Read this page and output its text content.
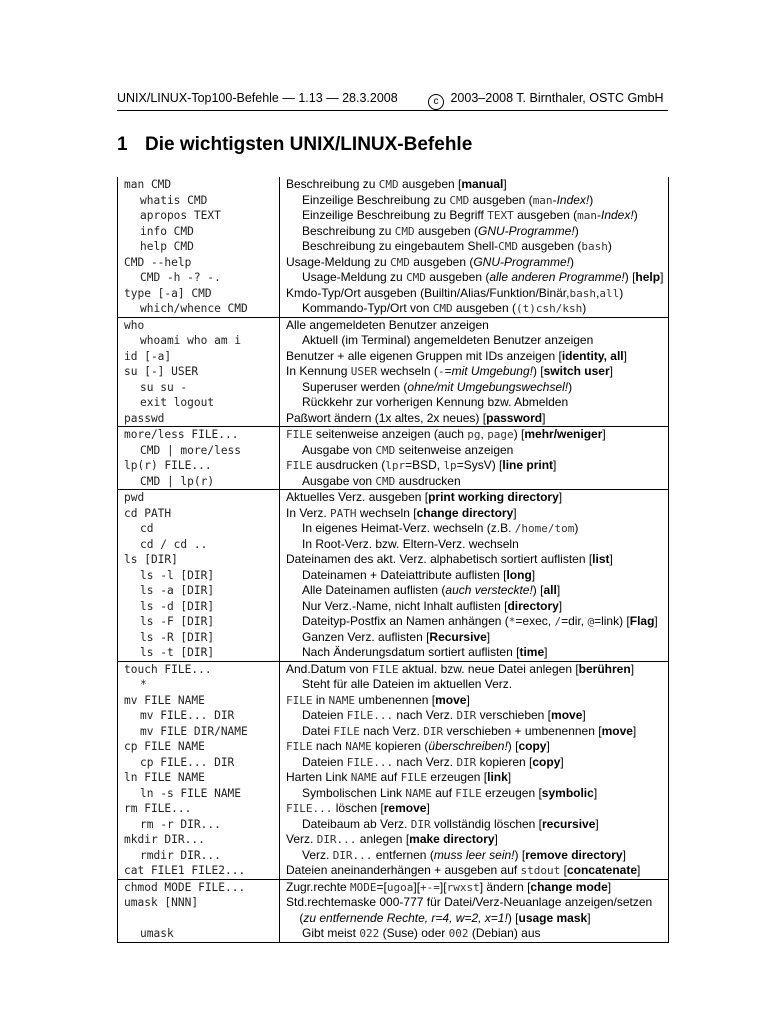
UNIX/LINUX-Top100-Befehle — 1.13 — 28.3.2008	c 2003–2008 T. Birnthaler, OSTC GmbH
1 Die wichtigsten UNIX/LINUX-Befehle
man CMD	Beschreibung zu CMD ausgeben [manual]
whatis CMD	Einzeilige Beschreibung zu CMD ausgeben (man-Index!)
apropos TEXT	Einzeilige Beschreibung zu Begriff TEXT ausgeben (man-Index!)
info CMD	Beschreibung zu CMD ausgeben (GNU-Programme!)
help CMD	Beschreibung zu eingebautem Shell-CMD ausgeben (bash)
CMD --help	Usage-Meldung zu CMD ausgeben (GNU-Programme!)
CMD -h -? -.	Usage-Meldung zu CMD ausgeben (alle anderen Programme!) [help]
type [-a] CMD	Kmdo-Typ/Ort ausgeben (Builtin/Alias/Funktion/Binär,bash,all)
which/whence CMD	Kommando-Typ/Ort von CMD ausgeben ((t)csh/ksh)
who	Alle angemeldeten Benutzer anzeigen
whoami who am i	Aktuell (im Terminal) angemeldeten Benutzer anzeigen
id [-a]	Benutzer + alle eigenen Gruppen mit IDs anzeigen [identity, all]
su [-] USER	In Kennung USER wechseln (-=mit Umgebung!) [switch user]
su su -	Superuser werden (ohne/mit Umgebungswechsel!)
exit logout	Rückkehr zur vorherigen Kennung bzw. Abmelden
passwd	Paßwort ändern (1x altes, 2x neues) [password]
more/less FILE...	FILE seitenweise anzeigen (auch pg, page) [mehr/weniger]
CMD | more/less	Ausgabe von CMD seitenweise anzeigen
lp(r) FILE...	FILE ausdrucken (lpr=BSD, lp=SysV) [line print]
CMD | lp(r)	Ausgabe von CMD ausdrucken
pwd	Aktuelles Verz. ausgeben [print working directory]
cd PATH	In Verz. PATH wechseln [change directory]
cd	In eigenes Heimat-Verz. wechseln (z.B. /home/tom)
cd / cd ..	In Root-Verz. bzw. Eltern-Verz. wechseln
ls [DIR]	Dateinamen des akt. Verz. alphabetisch sortiert auflisten [list]
ls -l [DIR]	Dateinamen + Dateiattribute auflisten [long]
ls -a [DIR]	Alle Dateinamen auflisten (auch versteckte!) [all]
ls -d [DIR]	Nur Verz.-Name, nicht Inhalt auflisten [directory]
ls -F [DIR]	Dateityp-Postfix an Namen anhängen (*=exec, /=dir, @=link) [Flag]
ls -R [DIR]	Ganzen Verz. auflisten [Recursive]
ls -t [DIR]	Nach Änderungsdatum sortiert auflisten [time]
touch FILE...	And.Datum von FILE aktual. bzw. neue Datei anlegen [berühren]
*	Steht für alle Dateien im aktuellen Verz.
mv FILE NAME	FILE in NAME umbenennen [move]
mv FILE... DIR	Dateien FILE... nach Verz. DIR verschieben [move]
mv FILE DIR/NAME	Datei FILE nach Verz. DIR verschieben + umbenennen [move]
cp FILE NAME	FILE nach NAME kopieren (überschreiben!) [copy]
cp FILE... DIR	Dateien FILE... nach Verz. DIR kopieren [copy]
ln FILE NAME	Harten Link NAME auf FILE erzeugen [link]
ln -s FILE NAME	Symbolischen Link NAME auf FILE erzeugen [symbolic]
rm FILE...	FILE... löschen [remove]
rm -r DIR...	Dateibaum ab Verz. DIR vollständig löschen [recursive]
mkdir DIR...	Verz. DIR... anlegen [make directory]
rmdir DIR...	Verz. DIR... entfernen (muss leer sein!) [remove directory]
cat FILE1 FILE2...	Dateien aneinanderhängen + ausgeben auf stdout [concatenate]
chmod MODE FILE...	Zugr.rechte MODE=[ugoa][+-=][rwxst] ändern [change mode]
umask [NNN]	Std.rechtemaske 000-777 für Datei/Verz-Neuanlage anzeigen/setzen
(zu entfernende Rechte, r=4, w=2, x=1!) [usage mask]
umask	Gibt meist 022 (Suse) oder 002 (Debian) aus
